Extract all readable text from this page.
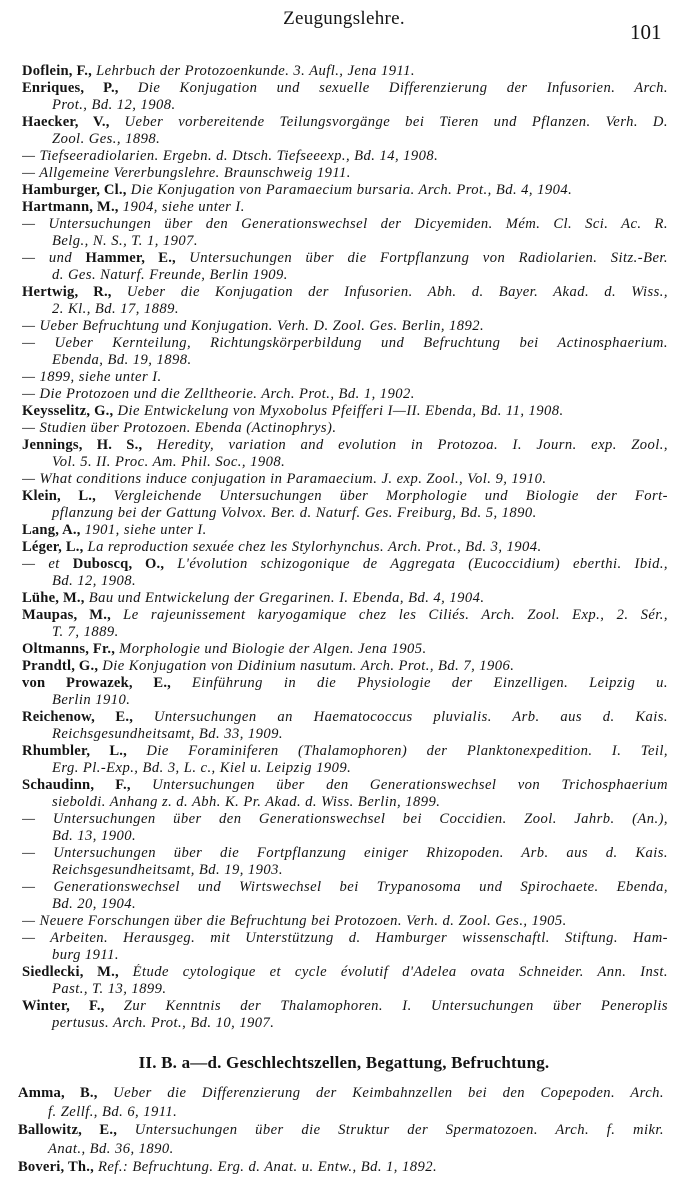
Zeugungslehre.
101
Doflein, F., Lehrbuch der Protozoenkunde. 3. Aufl., Jena 1911.
Enriques, P., Die Konjugation und sexuelle Differenzierung der Infusorien. Arch.
Prot., Bd. 12, 1908.
Haecker, V., Ueber vorbereitende Teilungsvorgänge bei Tieren und Pflanzen. Verh. D.
Zool. Ges., 1898.
— Tiefseeradiolarien. Ergebn. d. Dtsch. Tiefseeexp., Bd. 14, 1908.
— Allgemeine Vererbungslehre. Braunschweig 1911.
Hamburger, Cl., Die Konjugation von Paramaecium bursaria. Arch. Prot., Bd. 4, 1904.
Hartmann, M., 1904, siehe unter I.
— Untersuchungen über den Generationswechsel der Dicyemiden. Mém. Cl. Sci. Ac. R.
Belg., N. S., T. 1, 1907.
— und Hammer, E., Untersuchungen über die Fortpflanzung von Radiolarien. Sitz.-Ber.
d. Ges. Naturf. Freunde, Berlin 1909.
Hertwig, R., Ueber die Konjugation der Infusorien. Abh. d. Bayer. Akad. d. Wiss.,
2. Kl., Bd. 17, 1889.
— Ueber Befruchtung und Konjugation. Verh. D. Zool. Ges. Berlin, 1892.
— Ueber Kernteilung, Richtungskörperbildung und Befruchtung bei Actinosphaerium.
Ebenda, Bd. 19, 1898.
— 1899, siehe unter I.
— Die Protozoen und die Zelltheorie. Arch. Prot., Bd. 1, 1902.
Keysselitz, G., Die Entwickelung von Myxobolus Pfeifferi I—II. Ebenda, Bd. 11, 1908.
— Studien über Protozoen. Ebenda (Actinophrys).
Jennings, H. S., Heredity, variation and evolution in Protozoa. I. Journ. exp. Zool.,
Vol. 5. II. Proc. Am. Phil. Soc., 1908.
— What conditions induce conjugation in Paramaecium. J. exp. Zool., Vol. 9, 1910.
Klein, L., Vergleichende Untersuchungen über Morphologie und Biologie der Fort-
pflanzung bei der Gattung Volvox. Ber. d. Naturf. Ges. Freiburg, Bd. 5, 1890.
Lang, A., 1901, siehe unter I.
Léger, L., La reproduction sexuée chez les Stylorhynchus. Arch. Prot., Bd. 3, 1904.
— et Duboscq, O., L'évolution schizogonique de Aggregata (Eucoccidium) eberthi. Ibid.,
Bd. 12, 1908.
Lühe, M., Bau und Entwickelung der Gregarinen. I. Ebenda, Bd. 4, 1904.
Maupas, M., Le rajeunissement karyogamique chez les Ciliés. Arch. Zool. Exp., 2. Sér.,
T. 7, 1889.
Oltmanns, Fr., Morphologie und Biologie der Algen. Jena 1905.
Prandtl, G., Die Konjugation von Didinium nasutum. Arch. Prot., Bd. 7, 1906.
von Prowazek, E., Einführung in die Physiologie der Einzelligen. Leipzig u.
Berlin 1910.
Reichenow, E., Untersuchungen an Haematococcus pluvialis. Arb. aus d. Kais.
Reichsgesundheitsamt, Bd. 33, 1909.
Rhumbler, L., Die Foraminiferen (Thalamophoren) der Planktonexpedition. I. Teil,
Erg. Pl.-Exp., Bd. 3, L. c., Kiel u. Leipzig 1909.
Schaudinn, F., Untersuchungen über den Generationswechsel von Trichosphaerium
sieboldi. Anhang z. d. Abh. K. Pr. Akad. d. Wiss. Berlin, 1899.
— Untersuchungen über den Generationswechsel bei Coccidien. Zool. Jahrb. (An.),
Bd. 13, 1900.
— Untersuchungen über die Fortpflanzung einiger Rhizopoden. Arb. aus d. Kais.
Reichsgesundheitsamt, Bd. 19, 1903.
— Generationswechsel und Wirtswechsel bei Trypanosoma und Spirochaete. Ebenda,
Bd. 20, 1904.
— Neuere Forschungen über die Befruchtung bei Protozoen. Verh. d. Zool. Ges., 1905.
— Arbeiten. Herausgeg. mit Unterstützung d. Hamburger wissenschaftl. Stiftung. Ham-
burg 1911.
Siedlecki, M., Étude cytologique et cycle évolutif d'Adelea ovata Schneider. Ann. Inst.
Past., T. 13, 1899.
Winter, F., Zur Kenntnis der Thalamophoren. I. Untersuchungen über Peneroplis
pertusus. Arch. Prot., Bd. 10, 1907.
II. B. a—d. Geschlechtszellen, Begattung, Befruchtung.
Amma, B., Ueber die Differenzierung der Keimbahnzellen bei den Copepoden. Arch.
f. Zellf., Bd. 6, 1911.
Ballowitz, E., Untersuchungen über die Struktur der Spermatozoen. Arch. f. mikr.
Anat., Bd. 36, 1890.
Boveri, Th., Ref.: Befruchtung. Erg. d. Anat. u. Entw., Bd. 1, 1892.
